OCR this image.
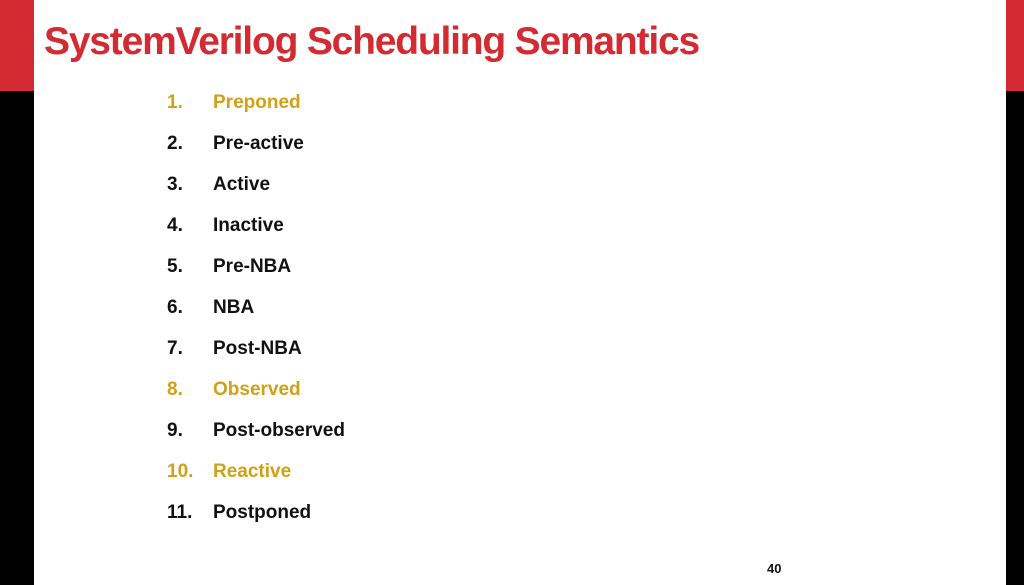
SystemVerilog Scheduling Semantics
1. Preponed
2. Pre-active
3. Active
4. Inactive
5. Pre-NBA
6. NBA
7. Post-NBA
8. Observed
9. Post-observed
10. Reactive
11. Postponed
40
